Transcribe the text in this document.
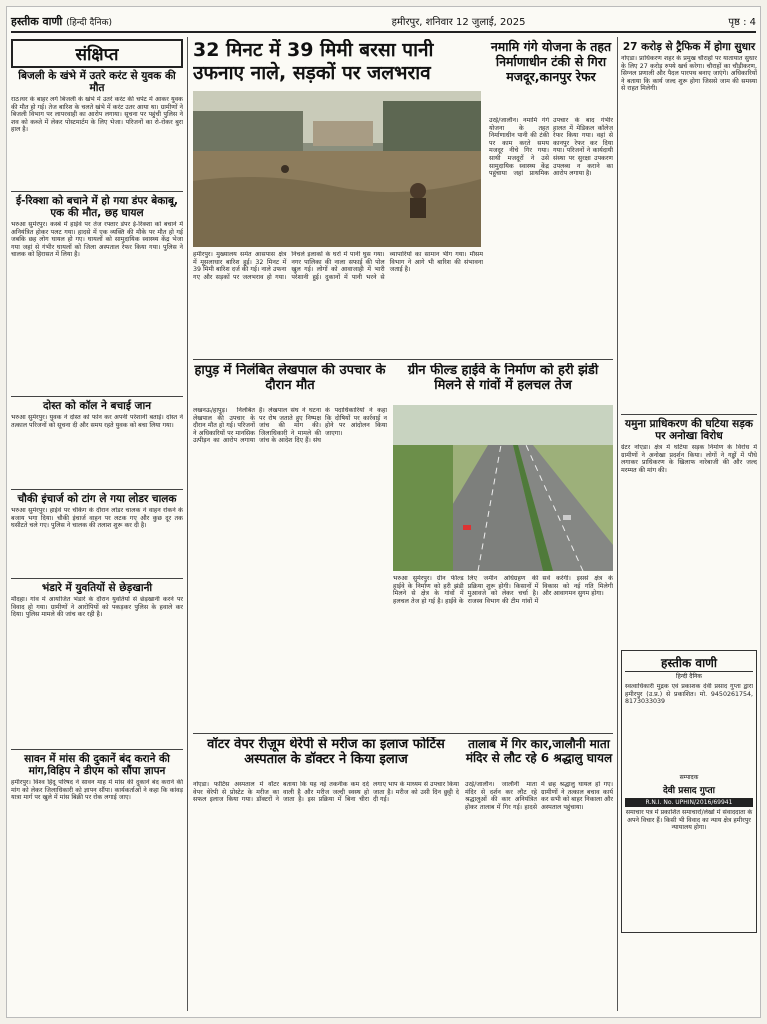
हस्तीक वाणी (हिन्दी दैनिक)	हमीरपुर, शनिवार 12 जुलाई, 2025	पृष्ठ : 4
संक्षिप्त
बिजली के खंभे में उतरे करंट से युवक की मौत
राठ।घर के बाहर लगे बिजली के खंभे में उतरे करंट की चपेट में आकर युवक की मौत हो गई। तेज बारिश के चलते खंभे में करंट उतर आया था। ग्रामीणों ने बिजली विभाग पर लापरवाही का आरोप लगाया। सूचना पर पहुंची पुलिस ने शव को कब्जे में लेकर पोस्टमार्टम के लिए भेजा। परिजनों का रो-रोकर बुरा हाल है।
ई-रिक्शा को बचाने में हो गया डंपर बेकाबू, एक की मौत, छह घायल
भरुआ सुमेरपुर। कस्बे में हाईवे पर तेज रफ्तार डंपर ई-रिक्शा को बचाने में अनियंत्रित होकर पलट गया। हादसे में एक व्यक्ति की मौके पर मौत हो गई जबकि छह लोग घायल हो गए। घायलों को सामुदायिक स्वास्थ्य केंद्र भेजा गया जहां से गंभीर घायलों को जिला अस्पताल रेफर किया गया। पुलिस ने चालक को हिरासत में लिया है।
दोस्त को कॉल ने बचाई जान
भरुआ सुमेरपुर। युवक ने दोस्त को फोन कर अपनी परेशानी बताई। दोस्त ने तत्काल परिजनों को सूचना दी और समय रहते युवक को बचा लिया गया।
चौकी इंचार्ज को टांग ले गया लोडर चालक
भरुआ सुमेरपुर। हाईवे पर चेकिंग के दौरान लोडर चालक ने वाहन रोकने के बजाय भगा दिया। चौकी इंचार्ज वाहन पर लटक गए और कुछ दूर तक घसीटते चले गए। पुलिस ने चालक की तलाश शुरू कर दी है।
भंडारे में युवतियों से छेड़खानी
मौदहा। गांव में आयोजित भंडारे के दौरान युवतियों से छेड़खानी करने पर विवाद हो गया। ग्रामीणों ने आरोपियों को पकड़कर पुलिस के हवाले कर दिया। पुलिस मामले की जांच कर रही है।
सावन में मांस की दुकानें बंद कराने की मांग,विहिप ने डीएम को सौंपा ज्ञापन
हमीरपुर। विश्व हिंदू परिषद ने सावन माह में मांस की दुकानें बंद कराने की मांग को लेकर जिलाधिकारी को ज्ञापन सौंपा। कार्यकर्ताओं ने कहा कि कांवड़ यात्रा मार्ग पर खुले में मांस बिक्री पर रोक लगाई जाए।
32 मिनट में 39 मिमी बरसा पानी
उफनाए नाले, सड़कों पर जलभराव
हमीरपुर। मुख्यालय समेत आसपास क्षेत्र में मूसलाधार बारिश हुई। 32 मिनट में 39 मिमी बारिश दर्ज की गई। नाले उफना गए और सड़कों पर जलभराव हो गया। निचले इलाकों के घरों में पानी घुस गया। नगर पालिका की नाला सफाई की पोल खुल गई। लोगों को आवाजाही में भारी परेशानी हुई। दुकानों में पानी भरने से व्यापारियों का सामान भीग गया। मौसम विभाग ने आगे भी बारिश की संभावना जताई है।
नमामि गंगे योजना के तहत निर्माणाधीन टंकी से गिरा मजदूर,कानपुर रेफर
उरई/जालौन। नमामि गंगे योजना के तहत निर्माणाधीन पानी की टंकी पर काम करते समय मजदूर नीचे गिर गया। साथी मजदूरों ने उसे सामुदायिक स्वास्थ्य केंद्र पहुंचाया जहां प्राथमिक उपचार के बाद गंभीर हालत में मेडिकल कॉलेज रेफर किया गया। वहां से कानपुर रेफर कर दिया गया। परिजनों ने कार्यदायी संस्था पर सुरक्षा उपकरण उपलब्ध न कराने का आरोप लगाया है।
हापुड़ में निलंबित लेखपाल की उपचार के दौरान मौत
लखनऊ/हापुड़। निलंबित लेखपाल की उपचार के दौरान मौत हो गई। परिजनों ने अधिकारियों पर मानसिक उत्पीड़न का आरोप लगाया है। लेखपाल संघ ने घटना पर रोष जताते हुए निष्पक्ष जांच की मांग की। जिलाधिकारी ने मामले की जांच के आदेश दिए हैं। संघ के पदाधिकारियों ने कहा कि दोषियों पर कार्रवाई न होने पर आंदोलन किया जाएगा।
ग्रीन फील्ड हाईवे के निर्माण को हरी झंडी मिलने से गांवों में हलचल तेज
भरुआ सुमेरपुर। ग्रीन फील्ड हाईवे के निर्माण को हरी झंडी मिलने से क्षेत्र के गांवों में हलचल तेज हो गई है। हाईवे के लिए जमीन अधिग्रहण की प्रक्रिया शुरू होगी। किसानों में मुआवजे को लेकर चर्चा है। राजस्व विभाग की टीम गांवों में सर्वे करेगी। इससे क्षेत्र के विकास को नई गति मिलेगी और आवागमन सुगम होगा।
वॉटर वेपर रीज़ूम थेरेपी से मरीज का इलाज फोर्टिस अस्पताल के डॉक्टर ने किया इलाज
नोएडा। फोर्टिस अस्पताल में वॉटर वेपर थेरेपी से प्रोस्टेट के मरीज का सफल इलाज किया गया। डॉक्टरों ने बताया कि यह नई तकनीक कम दर्द वाली है और मरीज जल्दी स्वस्थ हो जाता है। इस प्रक्रिया में बिना चीरा लगाए भाप के माध्यम से उपचार किया जाता है। मरीज को उसी दिन छुट्टी दे दी गई।
तालाब में गिर कार,जालौनी माता मंदिर से लौट रहे 6 श्रद्धालु घायल
उरई/जालौन। जालौनी माता मंदिर से दर्शन कर लौट रहे श्रद्धालुओं की कार अनियंत्रित होकर तालाब में गिर गई। हादसे में छह श्रद्धालु घायल हो गए। ग्रामीणों ने तत्काल बचाव कार्य कर सभी को बाहर निकाला और अस्पताल पहुंचाया।
27 करोड़ से ट्रैफिक में होगा सुधार
नोएडा। प्राधिकरण शहर के प्रमुख चौराहों पर यातायात सुधार के लिए 27 करोड़ रुपये खर्च करेगा। चौराहों का चौड़ीकरण, सिग्नल प्रणाली और पैदल पारपथ बनाए जाएंगे। अधिकारियों ने बताया कि कार्य जल्द शुरू होगा जिससे जाम की समस्या से राहत मिलेगी।
यमुना प्राधिकरण की घटिया सड़क पर अनोखा विरोध
ग्रेटर नोएडा। क्षेत्र में घटिया सड़क निर्माण के विरोध में ग्रामीणों ने अनोखा प्रदर्शन किया। लोगों ने गड्ढों में पौधे लगाकर प्राधिकरण के खिलाफ नारेबाजी की और जल्द मरम्मत की मांग की।
हस्तीक वाणी
हिन्दी दैनिक
स्वत्वाधिकारी मुद्रक एवं प्रकाशक देवी प्रसाद गुप्ता द्वारा हमीरपुर (उ.प्र.) से प्रकाशित। मो. 9450261754, 8173033039
सम्पादक
देवी प्रसाद गुप्ता
R.N.I. No. UPHIN/2016/69941
समाचार पत्र में प्रकाशित समाचारों/लेखों में संवाददाता के अपने विचार हैं। किसी भी विवाद का न्याय क्षेत्र हमीरपुर न्यायालय होगा।
